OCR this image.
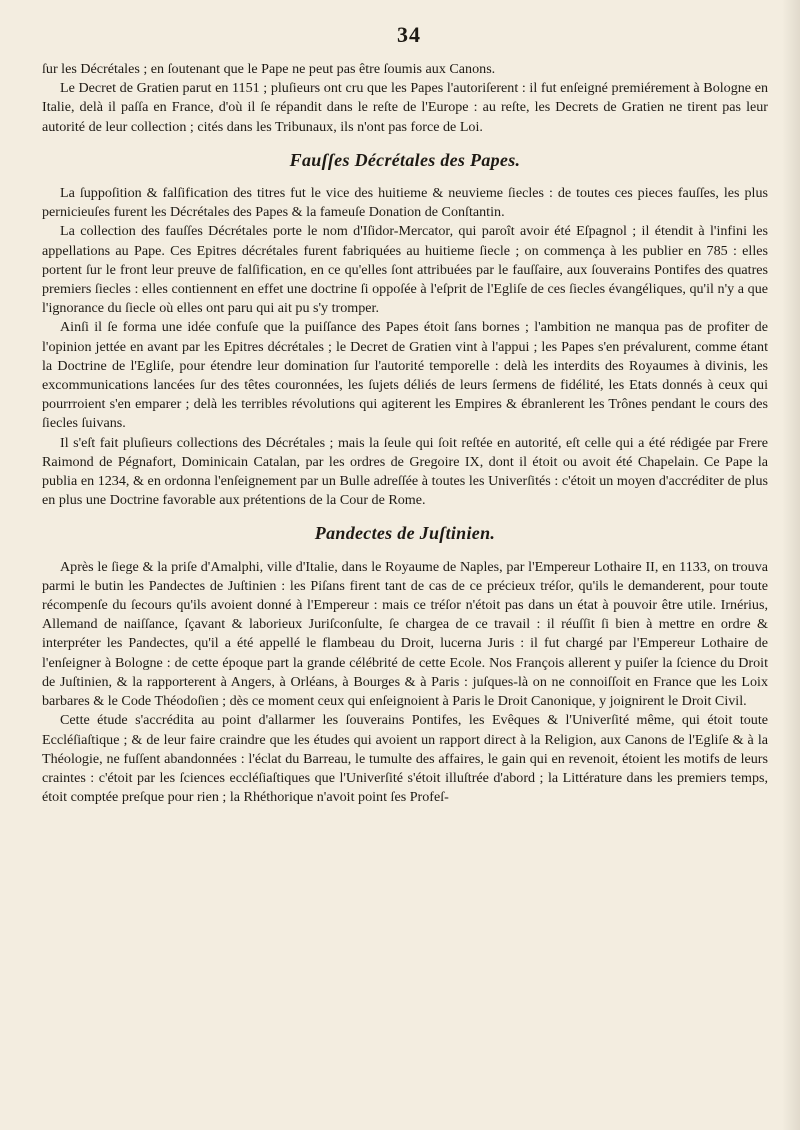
34

ſur les Décrétales ; en ſoutenant que le Pape ne peut pas être ſoumis aux Canons.

Le Decret de Gratien parut en 1151 ; pluſieurs ont cru que les Papes l'autoriſerent : il fut enſeigné premiérement à Bologne en Italie, delà il paſſa en France, d'où il ſe répandit dans le reſte de l'Europe : au reſte, les Decrets de Gratien ne tirent pas leur autorité de leur collection ; cités dans les Tribunaux, ils n'ont pas force de Loi.

Fauſſes Décrétales des Papes.

La ſuppoſition & falſification des titres fut le vice des huitieme & neuvieme ſiecles : de toutes ces pieces fauſſes, les plus pernicieuſes furent les Décrétales des Papes & la fameuſe Donation de Conſtantin.

La collection des fauſſes Décrétales porte le nom d'Iſidor-Mercator, qui paroît avoir été Eſpagnol ; il étendit à l'infini les appellations au Pape. Ces Epitres décrétales furent fabriquées au huitieme ſiecle ; on commença à les publier en 785 : elles portent ſur le front leur preuve de falſification, en ce qu'elles ſont attribuées par le fauſſaire, aux ſouverains Pontifes des quatres premiers ſiecles : elles contiennent en effet une doctrine ſi oppoſée à l'eſprit de l'Egliſe de ces ſiecles évangéliques, qu'il n'y a que l'ignorance du ſiecle où elles ont paru qui ait pu s'y tromper.

Ainſi il ſe forma une idée confuſe que la puiſſance des Papes étoit ſans bornes ; l'ambition ne manqua pas de profiter de l'opinion jettée en avant par les Epitres décrétales ; le Decret de Gratien vint à l'appui ; les Papes s'en prévalurent, comme étant la Doctrine de l'Egliſe, pour étendre leur domination ſur l'autorité temporelle : delà les interdits des Royaumes à divinis, les excommunications lancées ſur des têtes couronnées, les ſujets déliés de leurs ſermens de fidélité, les Etats donnés à ceux qui pourrroient s'en emparer ; delà les terribles révolutions qui agiterent les Empires & ébranlerent les Trônes pendant le cours des ſiecles ſuivans.

Il s'eſt fait pluſieurs collections des Décrétales ; mais la ſeule qui ſoit reſtée en autorité, eſt celle qui a été rédigée par Frere Raimond de Pégnafort, Dominicain Catalan, par les ordres de Gregoire IX, dont il étoit ou avoit été Chapelain. Ce Pape la publia en 1234, & en ordonna l'enſeignement par un Bulle adreſſée à toutes les Univerſités : c'étoit un moyen d'accréditer de plus en plus une Doctrine favorable aux prétentions de la Cour de Rome.

Pandectes de Juſtinien.

Après le ſiege & la priſe d'Amalphi, ville d'Italie, dans le Royaume de Naples, par l'Empereur Lothaire II, en 1133, on trouva parmi le butin les Pandectes de Juſtinien : les Piſans firent tant de cas de ce précieux tréſor, qu'ils le demanderent, pour toute récompenſe du ſecours qu'ils avoient donné à l'Empereur : mais ce tréſor n'étoit pas dans un état à pouvoir être utile. Irnérius, Allemand de naiſſance, ſçavant & laborieux Juriſconſulte, ſe chargea de ce travail : il réuſſit ſi bien à mettre en ordre & interpréter les Pandectes, qu'il a été appellé le flambeau du Droit, lucerna Juris : il fut chargé par l'Empereur Lothaire de l'enſeigner à Bologne : de cette époque part la grande célébrité de cette Ecole. Nos François allerent y puiſer la ſcience du Droit de Juſtinien, & la rapporterent à Angers, à Orléans, à Bourges & à Paris : juſques-là on ne connoiſſoit en France que les Loix barbares & le Code Théodoſien ; dès ce moment ceux qui enſeignoient à Paris le Droit Canonique, y joignirent le Droit Civil.

Cette étude s'accrédita au point d'allarmer les ſouverains Pontifes, les Evêques & l'Univerſité même, qui étoit toute Eccléſiaſtique ; & de leur faire craindre que les études qui avoient un rapport direct à la Religion, aux Canons de l'Egliſe & à la Théologie, ne fuſſent abandonnées : l'éclat du Barreau, le tumulte des affaires, le gain qui en revenoit, étoient les motifs de leurs craintes : c'étoit par les ſciences eccléſiaſtiques que l'Univerſité s'étoit illuſtrée d'abord ; la Littérature dans les premiers temps, étoit comptée preſque pour rien ; la Rhéthorique n'avoit point ſes Profeſ-
